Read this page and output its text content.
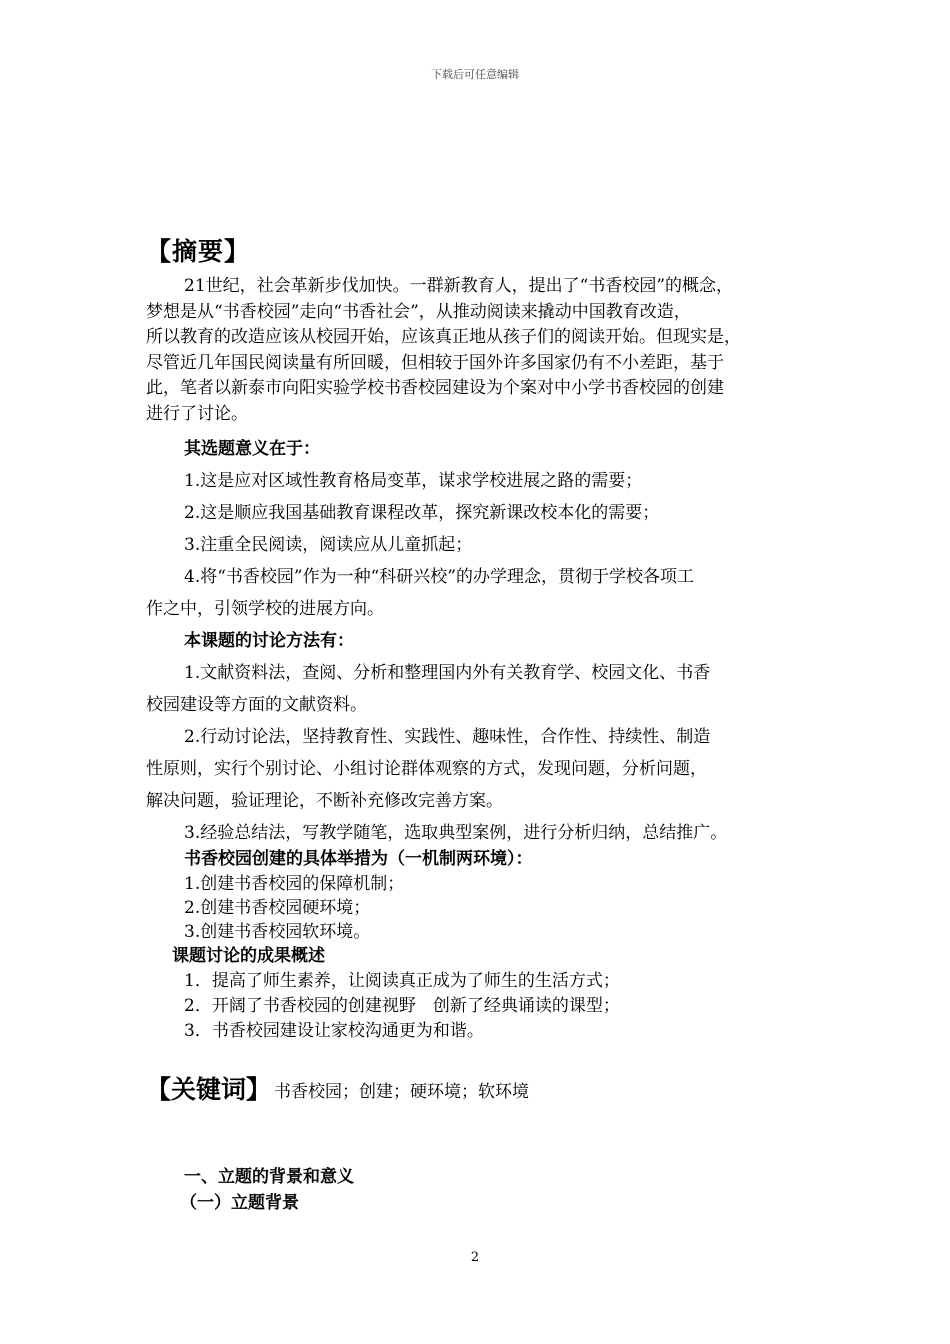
下载后可任意编辑
【摘要】

21世纪，社会革新步伐加快。一群新教育人，提出了“书香校园”的概念，

梦想是从“书香校园”走向“书香社会”，从推动阅读来撬动中国教育改造，

所以教育的改造应该从校园开始，应该真正地从孩子们的阅读开始。但现实是，

尽管近几年国民阅读量有所回暖，但相较于国外许多国家仍有不小差距，基于

此，笔者以新泰市向阳实验学校书香校园建设为个案对中小学书香校园的创建

进行了讨论。

其选题意义在于：
1.这是应对区域性教育格局变革，谋求学校进展之路的需要；
2.这是顺应我国基础教育课程改革，探究新课改校本化的需要；
3.注重全民阅读，阅读应从儿童抓起；
4.将“书香校园”作为一种“科研兴校”的办学理念，贯彻于学校各项工
作之中，引领学校的进展方向。
本课题的讨论方法有：
1.文献资料法，查阅、分析和整理国内外有关教育学、校园文化、书香
校园建设等方面的文献资料。
2.行动讨论法，坚持教育性、实践性、趣味性，合作性、持续性、制造
性原则，实行个别讨论、小组讨论群体观察的方式，发现问题，分析问题，
解决问题，验证理论，不断补充修改完善方案。
3.经验总结法，写教学随笔，选取典型案例，进行分析归纳，总结推广。
书香校园创建的具体举措为（一机制两环境）：
1.创建书香校园的保障机制；
2.创建书香校园硬环境；
3.创建书香校园软环境。
课题讨论的成果概述
1．提高了师生素养，让阅读真正成为了师生的生活方式；
2．开阔了书香校园的创建视野　创新了经典诵读的课型；
3．书香校园建设让家校沟通更为和谐。
【关键词】 书香校园；创建；硬环境；软环境
一、立题的背景和意义
（一）立题背景
2
